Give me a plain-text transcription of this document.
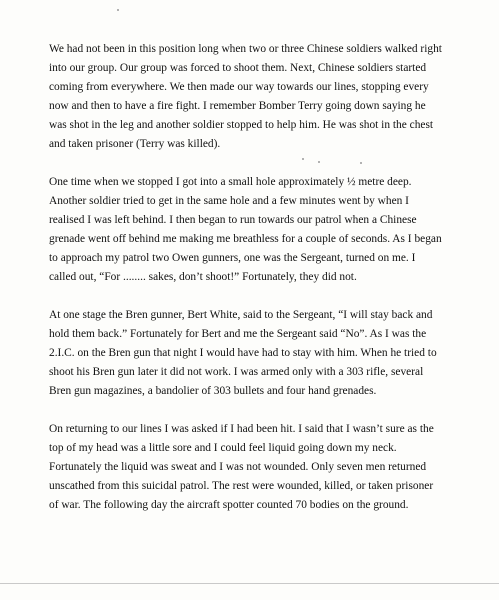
We had not been in this position long when two or three Chinese soldiers walked right
into our group. Our group was forced to shoot them. Next, Chinese soldiers started
coming from everywhere. We then made our way towards our lines, stopping every
now and then to have a fire fight. I remember Bomber Terry going down saying he
was shot in the leg and another soldier stopped to help him. He was shot in the chest
and taken prisoner (Terry was killed).

One time when we stopped I got into a small hole approximately ½ metre deep.
Another soldier tried to get in the same hole and a few minutes went by when I
realised I was left behind. I then began to run towards our patrol when a Chinese
grenade went off behind me making me breathless for a couple of seconds. As I began
to approach my patrol two Owen gunners, one was the Sergeant, turned on me. I
called out, “For ........ sakes, don’t shoot!” Fortunately, they did not.

At one stage the Bren gunner, Bert White, said to the Sergeant, “I will stay back and
hold them back.” Fortunately for Bert and me the Sergeant said “No”. As I was the
2.I.C. on the Bren gun that night I would have had to stay with him. When he tried to
shoot his Bren gun later it did not work. I was armed only with a 303 rifle, several
Bren gun magazines, a bandolier of 303 bullets and four hand grenades.

On returning to our lines I was asked if I had been hit. I said that I wasn’t sure as the
top of my head was a little sore and I could feel liquid going down my neck.
Fortunately the liquid was sweat and I was not wounded. Only seven men returned
unscathed from this suicidal patrol. The rest were wounded, killed, or taken prisoner
of war. The following day the aircraft spotter counted 70 bodies on the ground.
